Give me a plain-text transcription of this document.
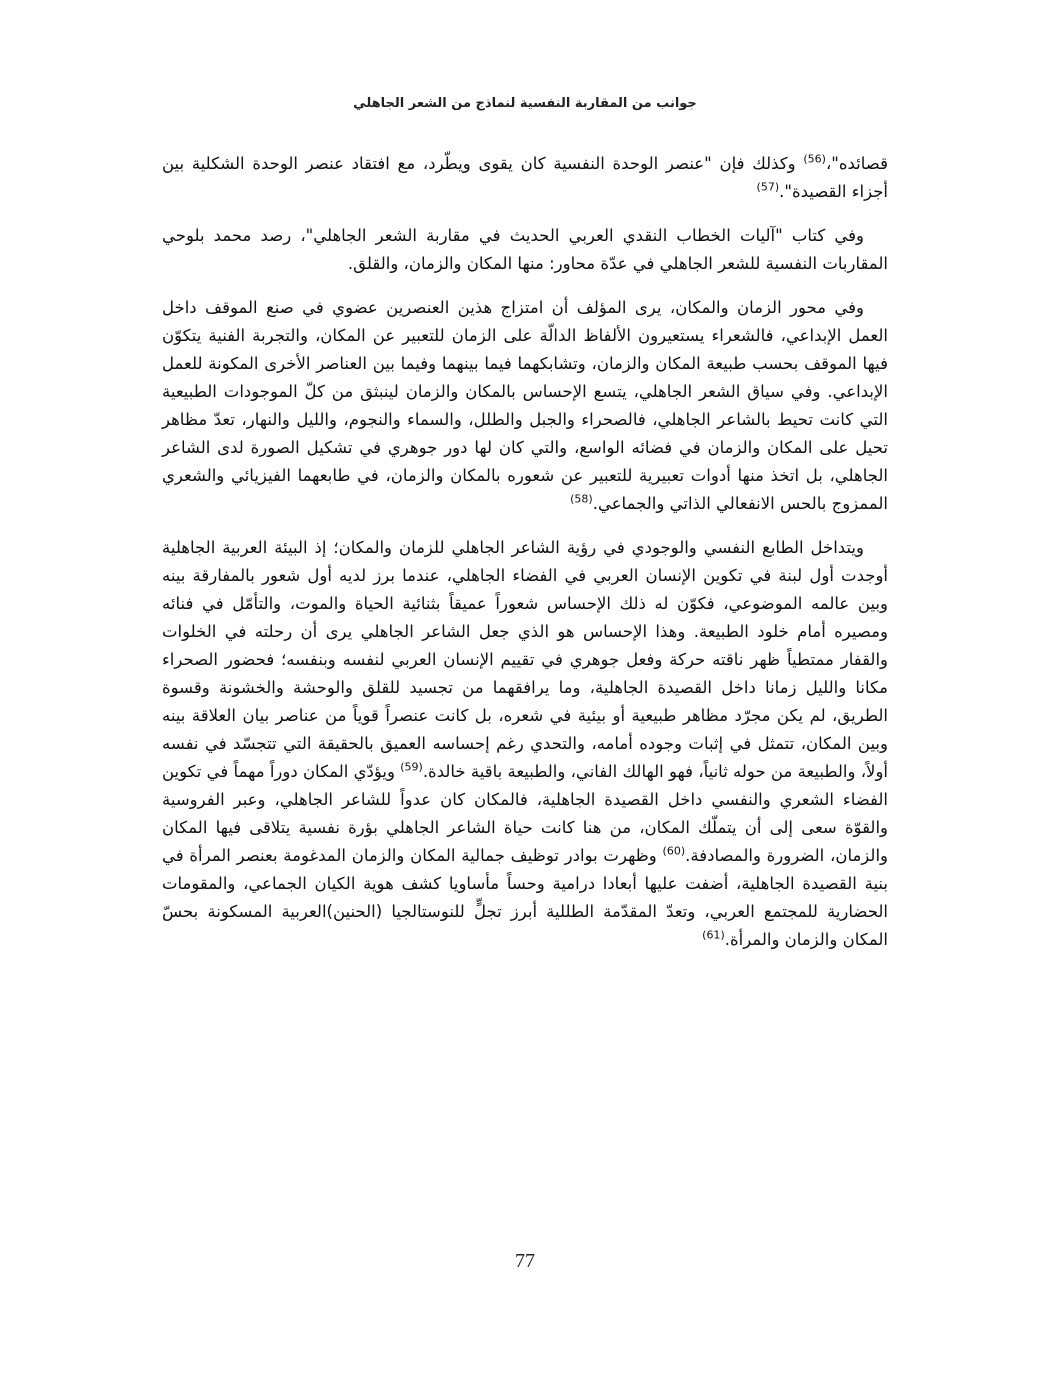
جوانب من المقاربة النفسية لنماذج من الشعر الجاهلي

قصائده"،$^{(56)}$ وكذلك فإن "عنصر الوحدة النفسية كان يقوى ويطّرد، مع افتقاد عنصر الوحدة الشكلية بين أجزاء القصيدة".$^{(57)}$

وفي كتاب "آليات الخطاب النقدي العربي الحديث في مقاربة الشعر الجاهلي"، رصد محمد بلوحي المقاربات النفسية للشعر الجاهلي في عدّة محاور: منها المكان والزمان، والقلق.

وفي محور الزمان والمكان، يرى المؤلف أن امتزاج هذين العنصرين عضوي في صنع الموقف داخل العمل الإبداعي، فالشعراء يستعيرون الألفاظ الدالّة على الزمان للتعبير عن المكان، والتجربة الفنية يتكوّن فيها الموقف بحسب طبيعة المكان والزمان، وتشابكهما فيما بينهما وفيما بين العناصر الأخرى المكونة للعمل الإبداعي. وفي سياق الشعر الجاهلي، يتسع الإحساس بالمكان والزمان لينبثق من كلّ الموجودات الطبيعية التي كانت تحيط بالشاعر الجاهلي، فالصحراء والجبل والطلل، والسماء والنجوم، والليل والنهار، تعدّ مظاهر تحيل على المكان والزمان في فضائه الواسع، والتي كان لها دور جوهري في تشكيل الصورة لدى الشاعر الجاهلي، بل اتخذ منها أدوات تعبيرية للتعبير عن شعوره بالمكان والزمان، في طابعهما الفيزيائي والشعري الممزوج بالحس الانفعالي الذاتي والجماعي.$^{(58)}$

ويتداخل الطابع النفسي والوجودي في رؤية الشاعر الجاهلي للزمان والمكان؛ إذ البيئة العربية الجاهلية أوجدت أول لبنة في تكوين الإنسان العربي في الفضاء الجاهلي، عندما برز لديه أول شعور بالمفارقة بينه وبين عالمه الموضوعي، فكوّن له ذلك الإحساس شعوراً عميقاً بثنائية الحياة والموت، والتأمّل في فنائه ومصيره أمام خلود الطبيعة. وهذا الإحساس هو الذي جعل الشاعر الجاهلي يرى أن رحلته في الخلوات والقفار ممتطياً ظهر ناقته حركة وفعل جوهري في تقييم الإنسان العربي لنفسه وبنفسه؛ فحضور الصحراء مكانا والليل زمانا داخل القصيدة الجاهلية، وما يرافقهما من تجسيد للقلق والوحشة والخشونة وقسوة الطريق، لم يكن مجرّد مظاهر طبيعية أو بيئية في شعره، بل كانت عنصراً قوياً من عناصر بيان العلاقة بينه وبين المكان، تتمثل في إثبات وجوده أمامه، والتحدي رغم إحساسه العميق بالحقيقة التي تتجسّد في نفسه أولاً، والطبيعة من حوله ثانياً، فهو الهالك الفاني، والطبيعة باقية خالدة.$^{(59)}$ ويؤدّي المكان دوراً مهماً في تكوين الفضاء الشعري والنفسي داخل القصيدة الجاهلية، فالمكان كان عدواً للشاعر الجاهلي، وعبر الفروسية والقوّة سعى إلى أن يتملّك المكان، من هنا كانت حياة الشاعر الجاهلي بؤرة نفسية يتلاقى فيها المكان والزمان، الضرورة والمصادفة.$^{(60)}$ وظهرت بوادر توظيف جمالية المكان والزمان المدغومة بعنصر المرأة في بنية القصيدة الجاهلية، أضفت عليها أبعادا درامية وحساً مأساويا كشف هوية الكيان الجماعي، والمقومات الحضارية للمجتمع العربي، وتعدّ المقدّمة الطللية أبرز تجلٍّ للنوستالجيا (الحنين)العربية المسكونة بحسّ المكان والزمان والمرأة.$^{(61)}$

77
